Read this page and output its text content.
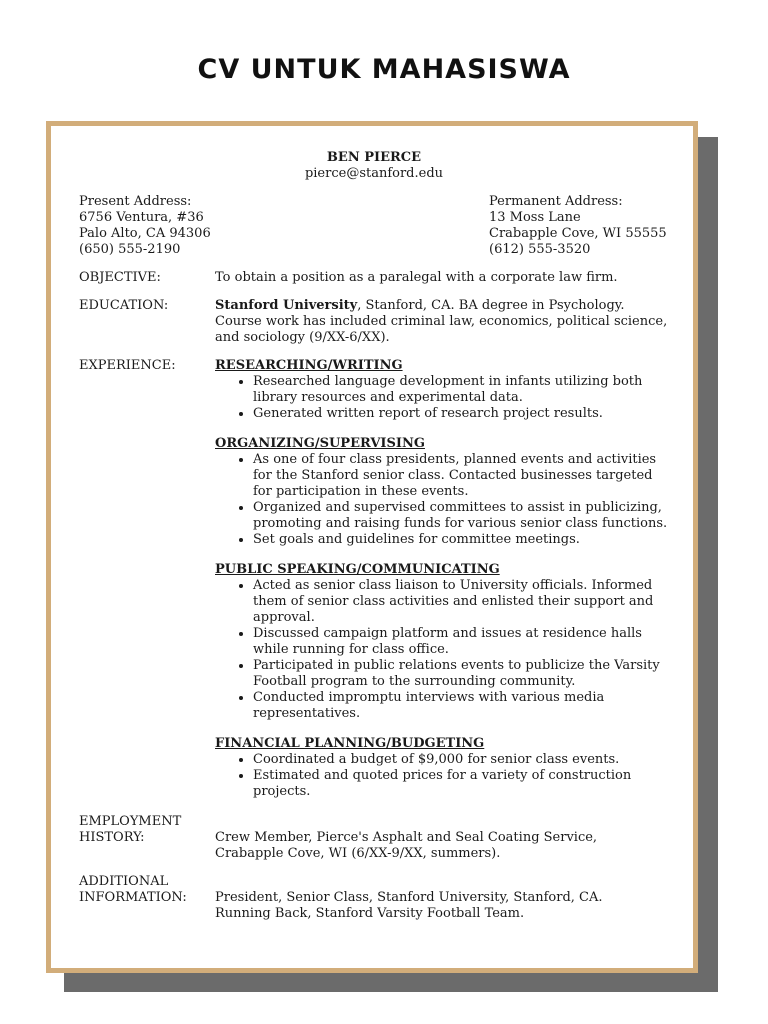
CV UNTUK MAHASISWA
BEN PIERCE
pierce@stanford.edu
Present Address:
6756 Ventura, #36
Palo Alto, CA 94306
(650) 555-2190
Permanent Address:
13 Moss Lane
Crabapple Cove, WI 55555
(612) 555-3520
OBJECTIVE:	To obtain a position as a paralegal with a corporate law firm.
EDUCATION:	Stanford University, Stanford, CA. BA degree in Psychology.
Course work has included criminal law, economics, political science, and sociology (9/XX-6/XX).
EXPERIENCE:	RESEARCHING/WRITING
• Researched language development in infants utilizing both library resources and experimental data.
• Generated written report of research project results.
ORGANIZING/SUPERVISING
• As one of four class presidents, planned events and activities for the Stanford senior class. Contacted businesses targeted for participation in these events.
• Organized and supervised committees to assist in publicizing, promoting and raising funds for various senior class functions.
• Set goals and guidelines for committee meetings.
PUBLIC SPEAKING/COMMUNICATING
• Acted as senior class liaison to University officials. Informed them of senior class activities and enlisted their support and approval.
• Discussed campaign platform and issues at residence halls while running for class office.
• Participated in public relations events to publicize the Varsity Football program to the surrounding community.
• Conducted impromptu interviews with various media representatives.
FINANCIAL PLANNING/BUDGETING
• Coordinated a budget of $9,000 for senior class events.
• Estimated and quoted prices for a variety of construction projects.
EMPLOYMENT
HISTORY:	Crew Member, Pierce's Asphalt and Seal Coating Service, Crabapple Cove, WI (6/XX-9/XX, summers).
ADDITIONAL
INFORMATION:	President, Senior Class, Stanford University, Stanford, CA.
Running Back, Stanford Varsity Football Team.
